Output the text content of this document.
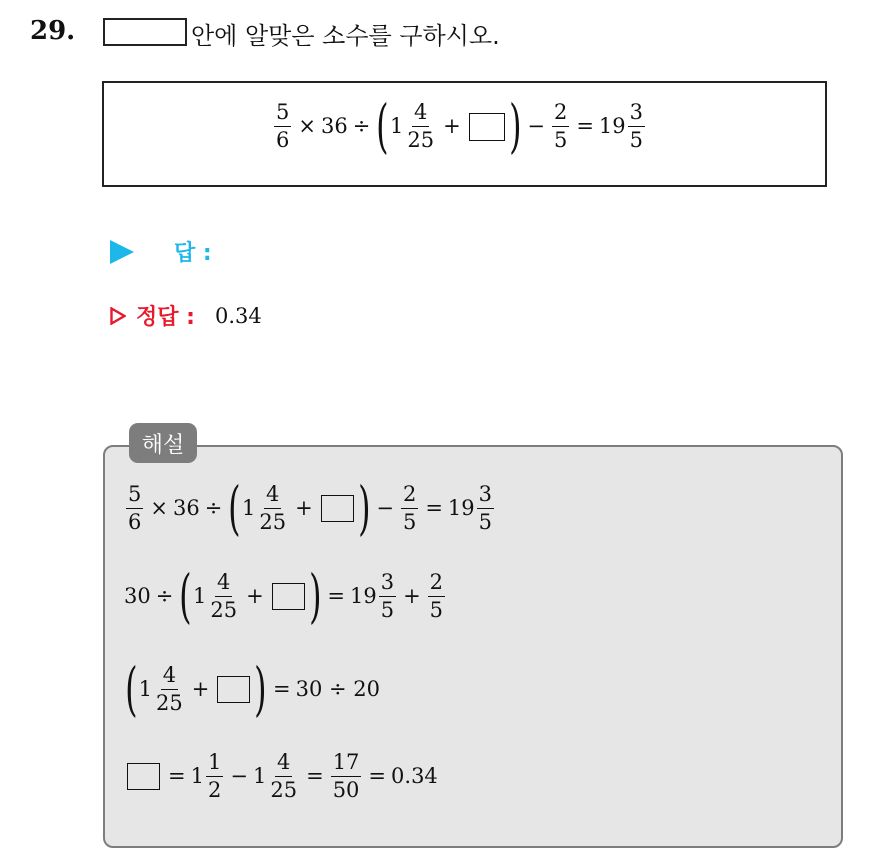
29.	안에 알맞은 소수를 구하시오.
$\frac{5}{6} \times 36$ ÷ ( $1 \frac{4}{25}$ + ) − $\frac{2}{5} = 19 \frac{3}{5}$
답 :
정답 : 0.34
해설
$\frac{5}{6} \times 36$ ÷ ( $1 \frac{4}{25}$ + ) − $\frac{2}{5} = 19 \frac{3}{5}$
30 ÷ ( $1 \frac{4}{25}$ + ) = $19 \frac{3}{5} + \frac{2}{5}$
( $1 \frac{4}{25}$ + ) = 30 ÷ 20
= $1 \frac{1}{2} - 1 \frac{4}{25} = \frac{17}{50} = 0.34$
